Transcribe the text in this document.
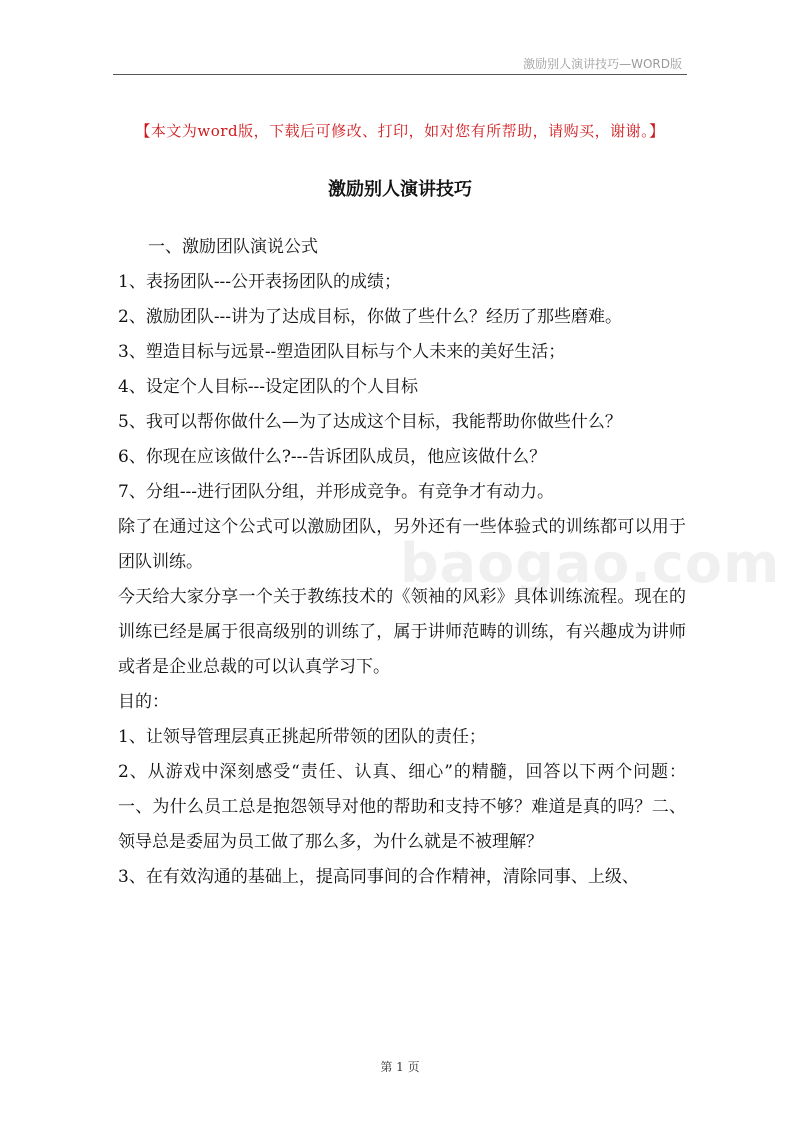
激励别人演讲技巧—WORD版
【本文为word版，下载后可修改、打印，如对您有所帮助，请购买，谢谢。】
激励别人演讲技巧
baogao.com
一、激励团队演说公式
1、表扬团队---公开表扬团队的成绩；
2、激励团队---讲为了达成目标，你做了些什么？经历了那些磨难。
3、塑造目标与远景--塑造团队目标与个人未来的美好生活；
4、设定个人目标---设定团队的个人目标
5、我可以帮你做什么—为了达成这个目标，我能帮助你做些什么？
6、你现在应该做什么?---告诉团队成员，他应该做什么？
7、分组---进行团队分组，并形成竞争。有竞争才有动力。
除了在通过这个公式可以激励团队，另外还有一些体验式的训练都可以用于团队训练。
今天给大家分享一个关于教练技术的《领袖的风彩》具体训练流程。现在的训练已经是属于很高级别的训练了，属于讲师范畴的训练，有兴趣成为讲师或者是企业总裁的可以认真学习下。
目的：
1、让领导管理层真正挑起所带领的团队的责任；
2、从游戏中深刻感受“责任、认真、细心”的精髓，回答以下两个问题：一、为什么员工总是抱怨领导对他的帮助和支持不够？难道是真的吗？二、领导总是委屈为员工做了那么多，为什么就是不被理解？
3、在有效沟通的基础上，提高同事间的合作精神，清除同事、上级、
第 1 页
